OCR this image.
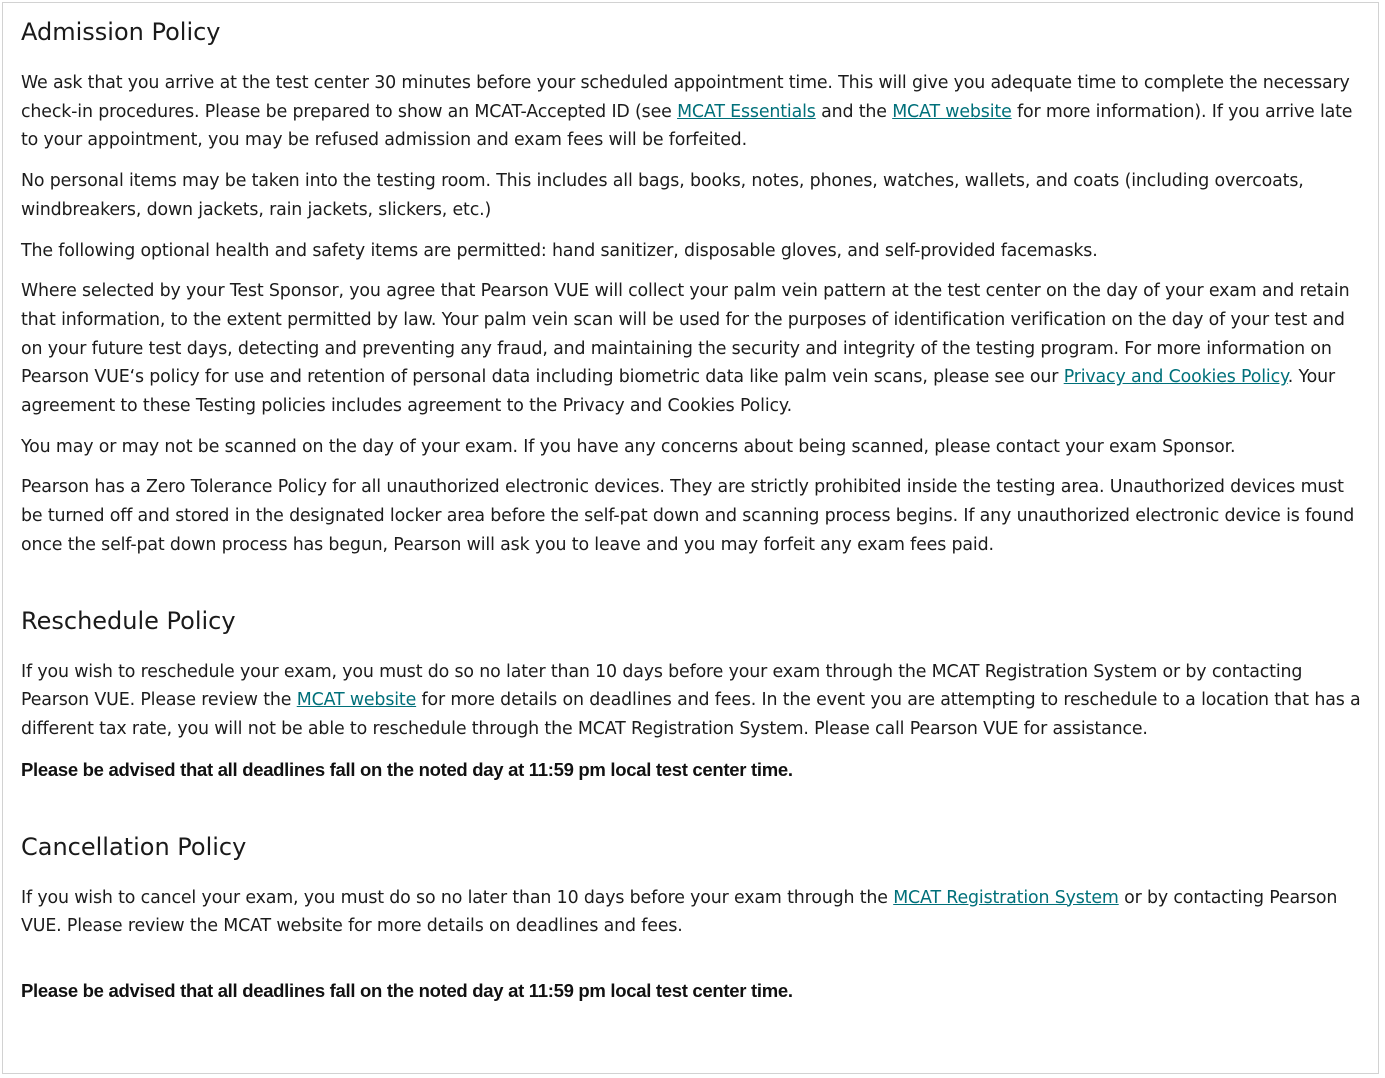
Admission Policy

We ask that you arrive at the test center 30 minutes before your scheduled appointment time. This will give you adequate time to complete the necessary check-in procedures. Please be prepared to show an MCAT-Accepted ID (see MCAT Essentials and the MCAT website for more information). If you arrive late to your appointment, you may be refused admission and exam fees will be forfeited.

No personal items may be taken into the testing room. This includes all bags, books, notes, phones, watches, wallets, and coats (including overcoats, windbreakers, down jackets, rain jackets, slickers, etc.)

The following optional health and safety items are permitted: hand sanitizer, disposable gloves, and self-provided facemasks.

Where selected by your Test Sponsor, you agree that Pearson VUE will collect your palm vein pattern at the test center on the day of your exam and retain that information, to the extent permitted by law. Your palm vein scan will be used for the purposes of identification verification on the day of your test and on your future test days, detecting and preventing any fraud, and maintaining the security and integrity of the testing program. For more information on Pearson VUE‘s policy for use and retention of personal data including biometric data like palm vein scans, please see our Privacy and Cookies Policy. Your agreement to these Testing policies includes agreement to the Privacy and Cookies Policy.

You may or may not be scanned on the day of your exam. If you have any concerns about being scanned, please contact your exam Sponsor.

Pearson has a Zero Tolerance Policy for all unauthorized electronic devices. They are strictly prohibited inside the testing area. Unauthorized devices must be turned off and stored in the designated locker area before the self-pat down and scanning process begins. If any unauthorized electronic device is found once the self-pat down process has begun, Pearson will ask you to leave and you may forfeit any exam fees paid.

Reschedule Policy

If you wish to reschedule your exam, you must do so no later than 10 days before your exam through the MCAT Registration System or by contacting Pearson VUE. Please review the MCAT website for more details on deadlines and fees. In the event you are attempting to reschedule to a location that has a different tax rate, you will not be able to reschedule through the MCAT Registration System. Please call Pearson VUE for assistance.

Please be advised that all deadlines fall on the noted day at 11:59 pm local test center time.

Cancellation Policy

If you wish to cancel your exam, you must do so no later than 10 days before your exam through the MCAT Registration System or by contacting Pearson VUE. Please review the MCAT website for more details on deadlines and fees.

Please be advised that all deadlines fall on the noted day at 11:59 pm local test center time.
